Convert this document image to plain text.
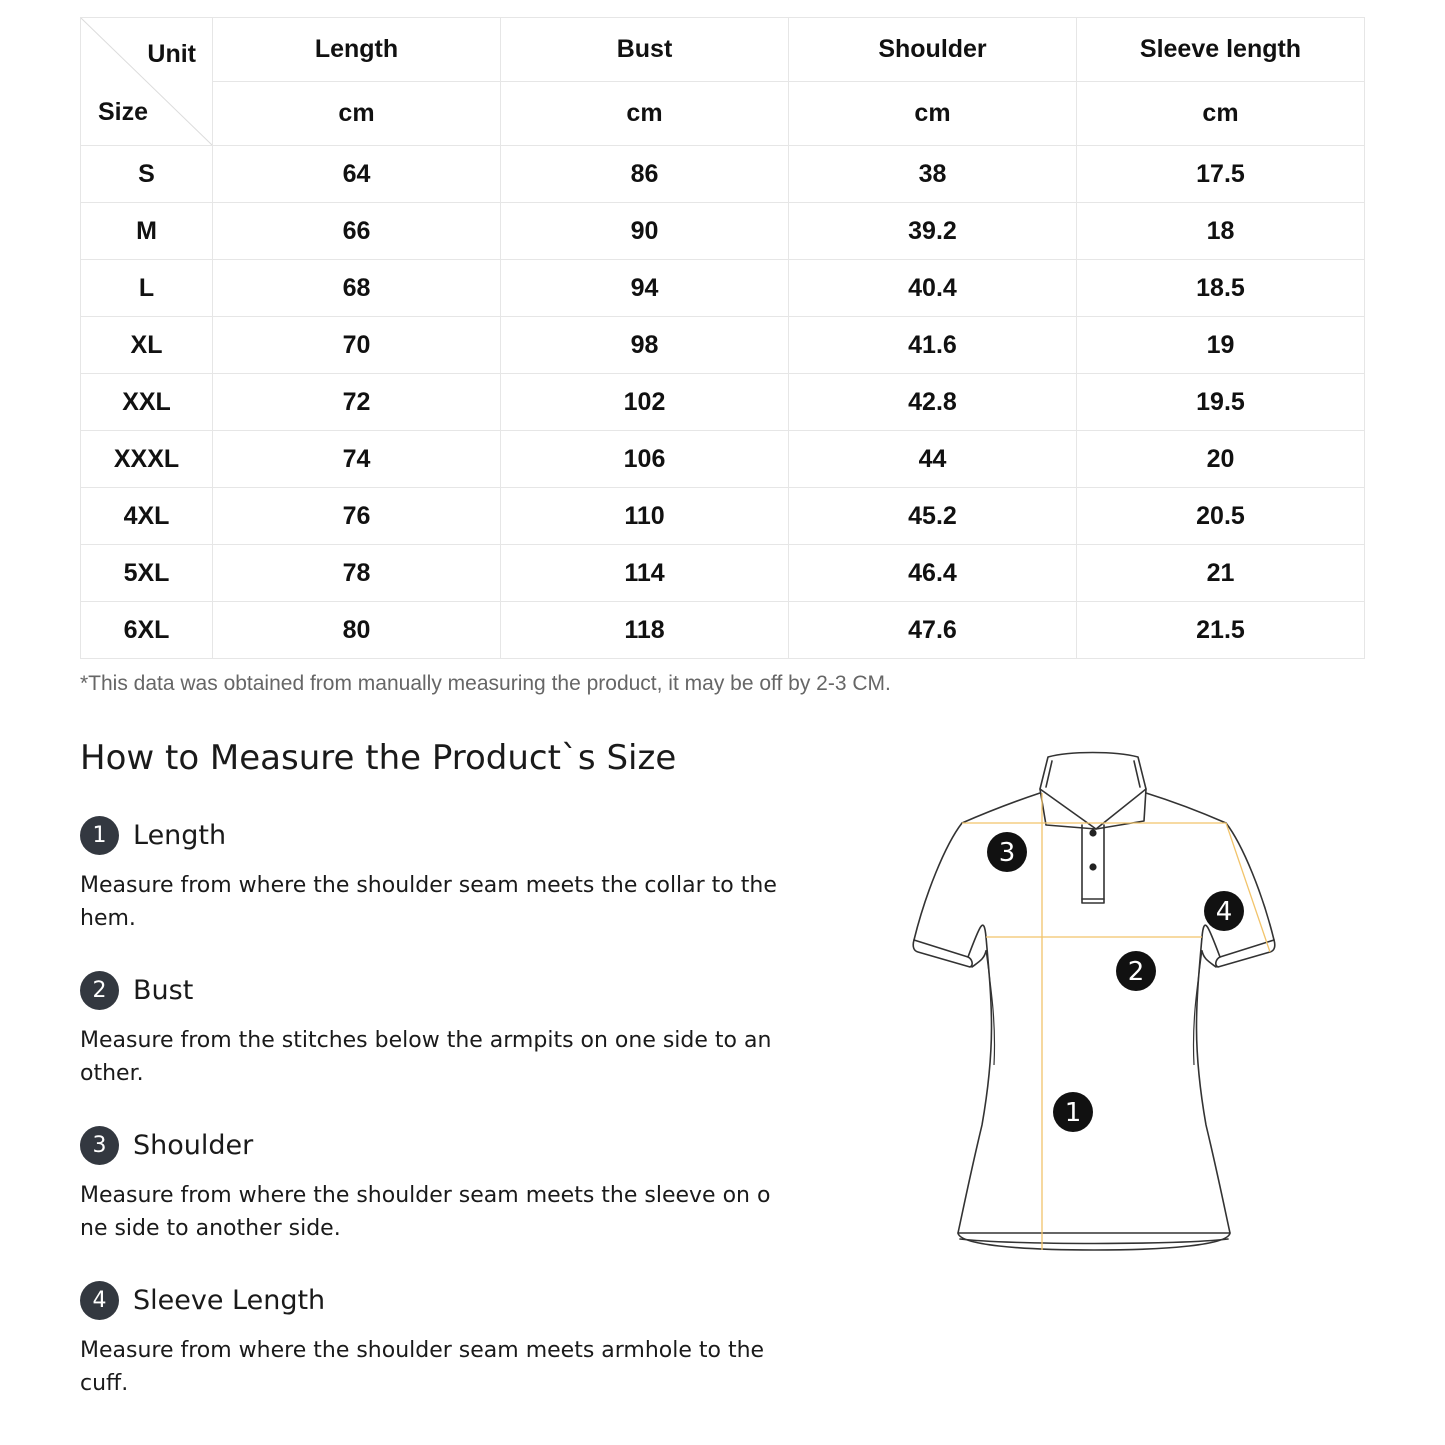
Unit
Size	Length	Bust	Shoulder	Sleeve length
	cm	cm	cm	cm
S	64	86	38	17.5
M	66	90	39.2	18
L	68	94	40.4	18.5
XL	70	98	41.6	19
XXL	72	102	42.8	19.5
XXXL	74	106	44	20
4XL	76	110	45.2	20.5
5XL	78	114	46.4	21
6XL	80	118	47.6	21.5
*This data was obtained from manually measuring the product, it may be off by 2-3 CM.
How to Measure the Product`s Size
1 Length
Measure from where the shoulder seam meets the collar to the hem.
2 Bust
Measure from the stitches below the armpits on one side to an other.
3 Shoulder
Measure from where the shoulder seam meets the sleeve on o ne side to another side.
4 Sleeve Length
Measure from where the shoulder seam meets armhole to the cuff.
3
4
2
1
